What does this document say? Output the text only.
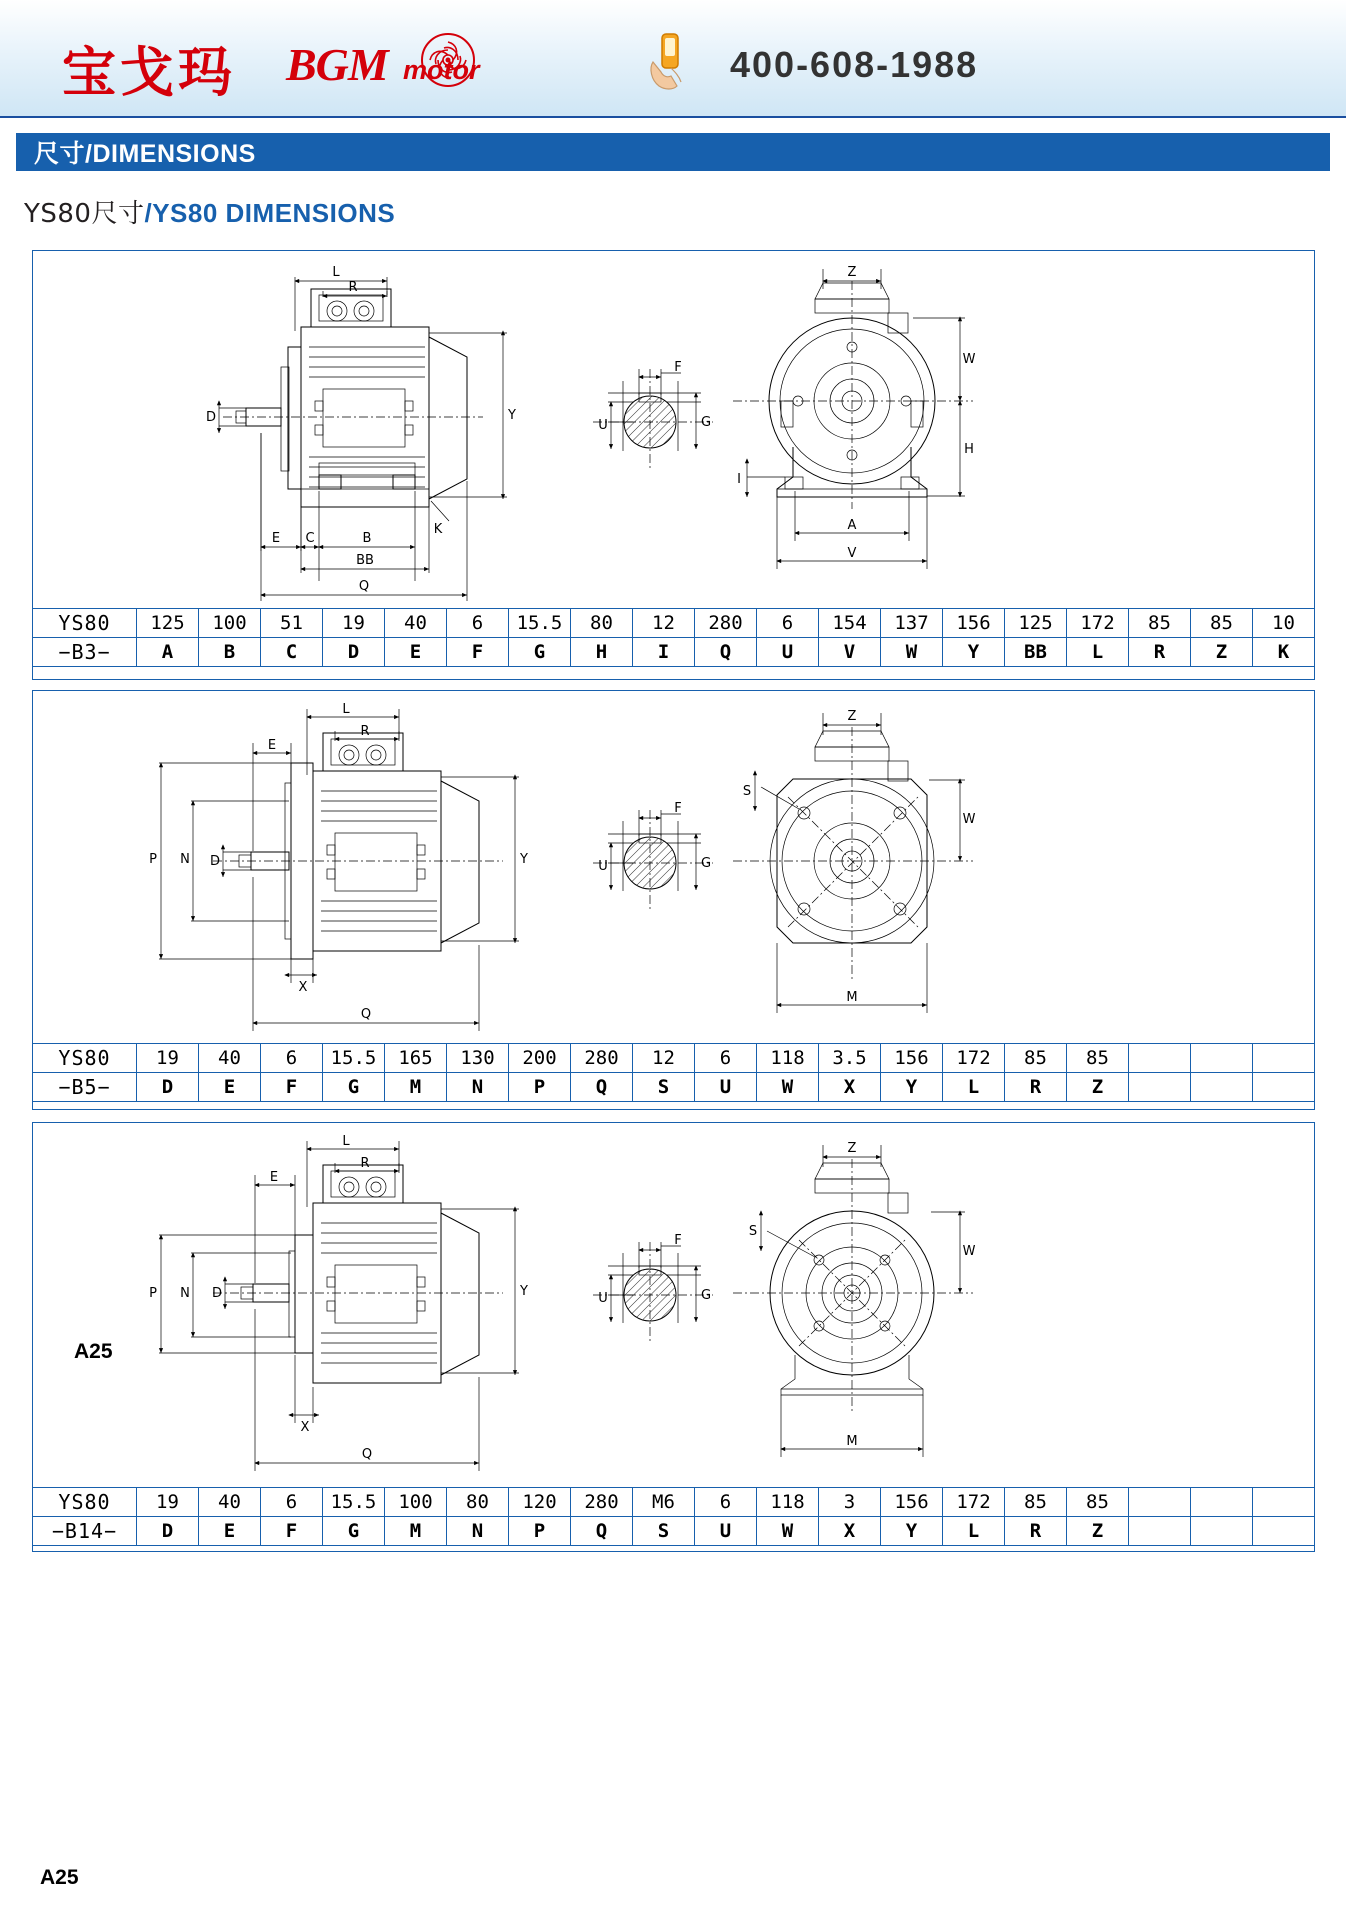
宝戈玛 BGM motor	400-608-1988
尺寸/DIMENSIONS
YS80尺寸/YS80 DIMENSIONS
L
R
D	Y
K
E C	B
BB
Q
F
U	G
Z
W
H
I
A
V
YS80	125	100	51	19	40	6	15.5	80	12	280	6	154	137	156	125	172	85	85	10
−B3−	A	B	C	D	E	F	G	H	I	Q	U	V	W	Y	BB	L	R	Z	K
L
R
E
P N D	Y
X
Q
F
U	G
Z
S
W
M
YS80	19	40	6	15.5	165	130	200	280	12	6	118	3.5	156	172	85	85			
−B5−	D	E	F	G	M	N	P	Q	S	U	W	X	Y	L	R	Z			
L
R
E
P N D	Y
X
Q
F
U	G
Z
S
W
M
A25
YS80	19	40	6	15.5	100	80	120	280	M6	6	118	3	156	172	85	85			
−B14−	D	E	F	G	M	N	P	Q	S	U	W	X	Y	L	R	Z			
A25
